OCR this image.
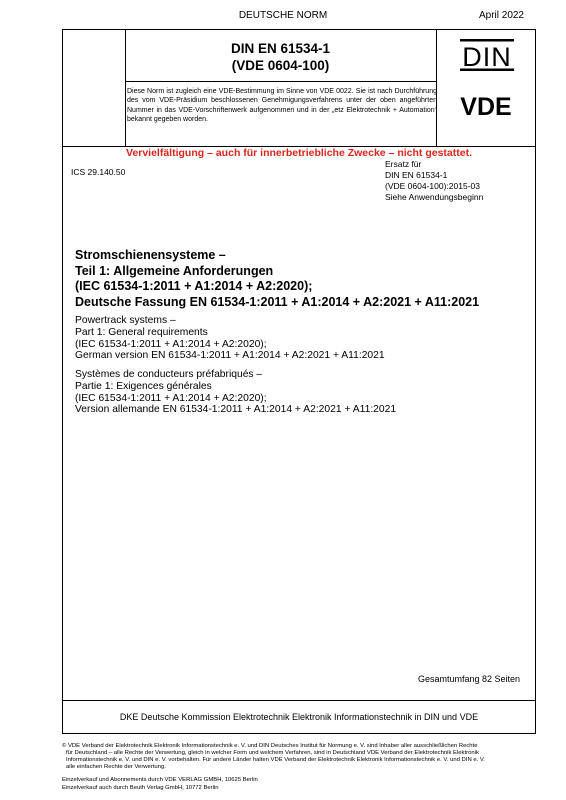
DEUTSCHE NORM	April 2022
DIN EN 61534-1
(VDE 0604-100)
Diese Norm ist zugleich eine VDE-Bestimmung im Sinne von VDE 0022. Sie ist nach Durchführung des vom VDE-Präsidium beschlossenen Genehmigungsverfahrens unter der oben angeführten Nummer in das VDE-Vorschriftenwerk aufgenommen und in der „etz Elektrotechnik + Automation“ bekannt gegeben worden.
DIN
VDE
Vervielfältigung – auch für innerbetriebliche Zwecke – nicht gestattet.
ICS 29.140.50
Ersatz für
DIN EN 61534-1
(VDE 0604-100):2015-03
Siehe Anwendungsbeginn
Stromschienensysteme –
Teil 1: Allgemeine Anforderungen
(IEC 61534-1:2011 + A1:2014 + A2:2020);
Deutsche Fassung EN 61534-1:2011 + A1:2014 + A2:2021 + A11:2021
Powertrack systems –
Part 1: General requirements
(IEC 61534-1:2011 + A1:2014 + A2:2020);
German version EN 61534-1:2011 + A1:2014 + A2:2021 + A11:2021
Systèmes de conducteurs préfabriqués –
Partie 1: Exigences générales
(IEC 61534-1:2011 + A1:2014 + A2:2020);
Version allemande EN 61534-1:2011 + A1:2014 + A2:2021 + A11:2021
Gesamtumfang 82 Seiten
DKE Deutsche Kommission Elektrotechnik Elektronik Informationstechnik in DIN und VDE
© VDE Verband der Elektrotechnik Elektronik Informationstechnik e. V. und DIN Deutsches Institut für Normung e. V. sind Inhaber aller ausschließlichen Rechte
für Deutschland – alle Rechte der Verwertung, gleich in welcher Form und welchem Verfahren, sind in Deutschland VDE Verband der Elektrotechnik Elektronik
Informationstechnik e. V. und DIN e. V. vorbehalten. Für andere Länder halten VDE Verband der Elektrotechnik Elektronik Informationstechnik e. V. und DIN e. V.
alle einfachen Rechte der Verwertung.
Einzelverkauf und Abonnements durch VDE VERLAG GMBH, 10625 Berlin
Einzelverkauf auch durch Beuth Verlag GmbH, 10772 Berlin
